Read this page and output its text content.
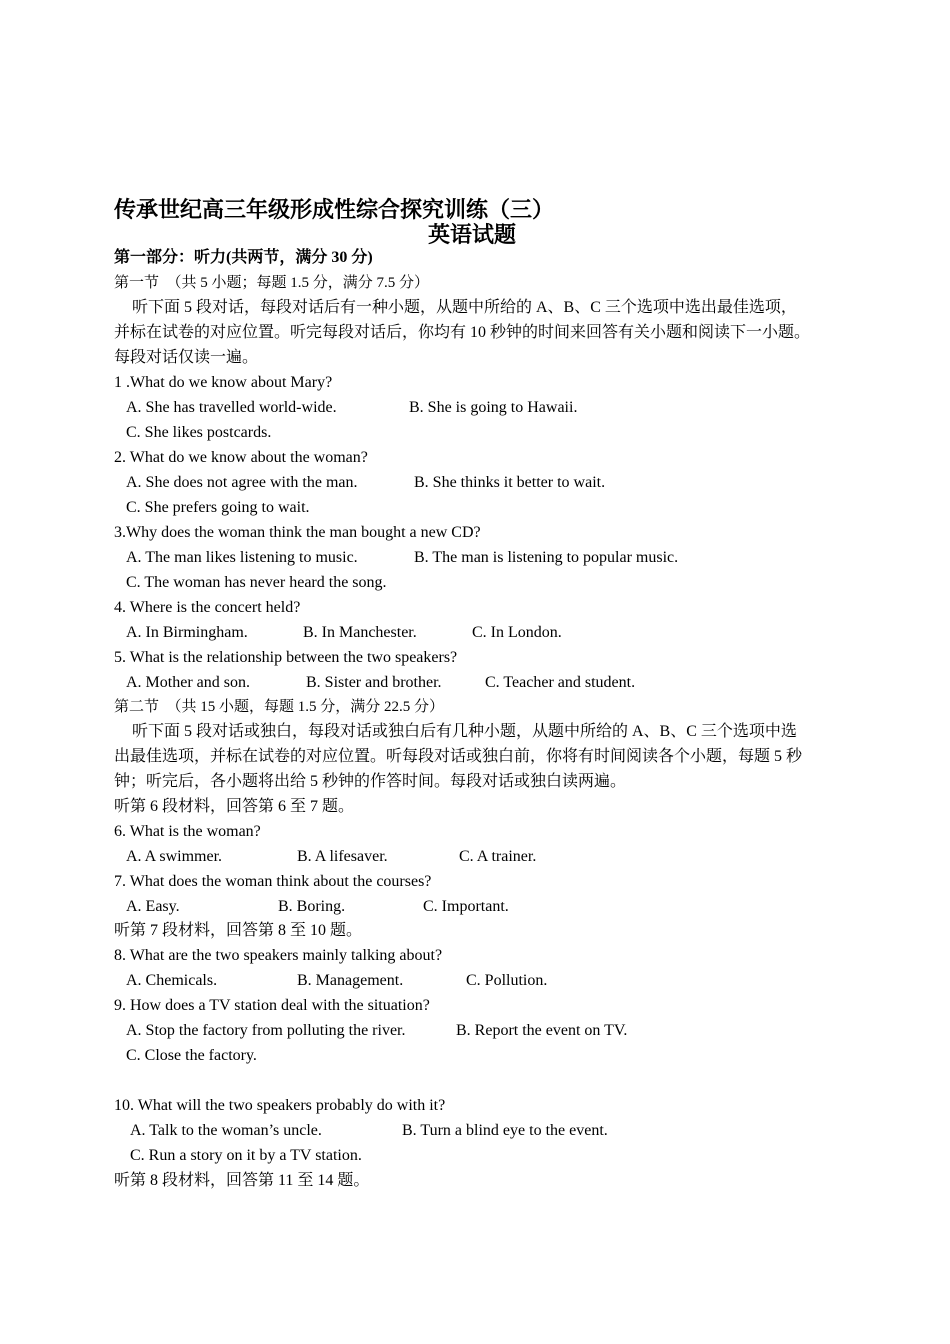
传承世纪高三年级形成性综合探究训练（三）
英语试题
第一部分：听力(共两节，满分 30 分)
第一节　（共 5 小题；每题 1.5 分，满分 7.5 分）
听下面 5 段对话，每段对话后有一种小题，从题中所给的 A、B、C 三个选项中选出最佳选项，
并标在试卷的对应位置。听完每段对话后，你均有 10 秒钟的时间来回答有关小题和阅读下一小题。
每段对话仅读一遍。
1 .What do we know about Mary?
A. She has travelled world-wide.	B. She is going to Hawaii.
C. She likes postcards.
2. What do we know about the woman?
A. She does not agree with the man.	B. She thinks it better to wait.
C. She prefers going to wait.
3.Why does the woman think the man bought a new CD?
A. The man likes listening to music.	B. The man is listening to popular music.
C. The woman has never heard the song.
4. Where is the concert held?
A. In Birmingham.	B. In Manchester.	C. In London.
5. What is the relationship between the two speakers?
A. Mother and son.	B. Sister and brother.	C. Teacher and student.
第二节　（共 15 小题，每题 1.5 分，满分 22.5 分）
听下面 5 段对话或独白，每段对话或独白后有几种小题，从题中所给的 A、B、C 三个选项中选
出最佳选项，并标在试卷的对应位置。听每段对话或独白前，你将有时间阅读各个小题，每题 5 秒
钟；听完后，各小题将出给 5 秒钟的作答时间。每段对话或独白读两遍。
听第 6 段材料，回答第 6 至 7 题。
6. What is the woman?
A. A swimmer.	B. A lifesaver.	C. A trainer.
7. What does the woman think about the courses?
A. Easy.	B. Boring.	C. Important.
听第 7 段材料，回答第 8 至 10 题。
8. What are the two speakers mainly talking about?
A. Chemicals.	B. Management.	C. Pollution.
9. How does a TV station deal with the situation?
A. Stop the factory from polluting the river.	B. Report the event on TV.
C. Close the factory.
10. What will the two speakers probably do with it?
A. Talk to the woman’s uncle.	B. Turn a blind eye to the event.
C. Run a story on it by a TV station.
听第 8 段材料，回答第 11 至 14 题。
